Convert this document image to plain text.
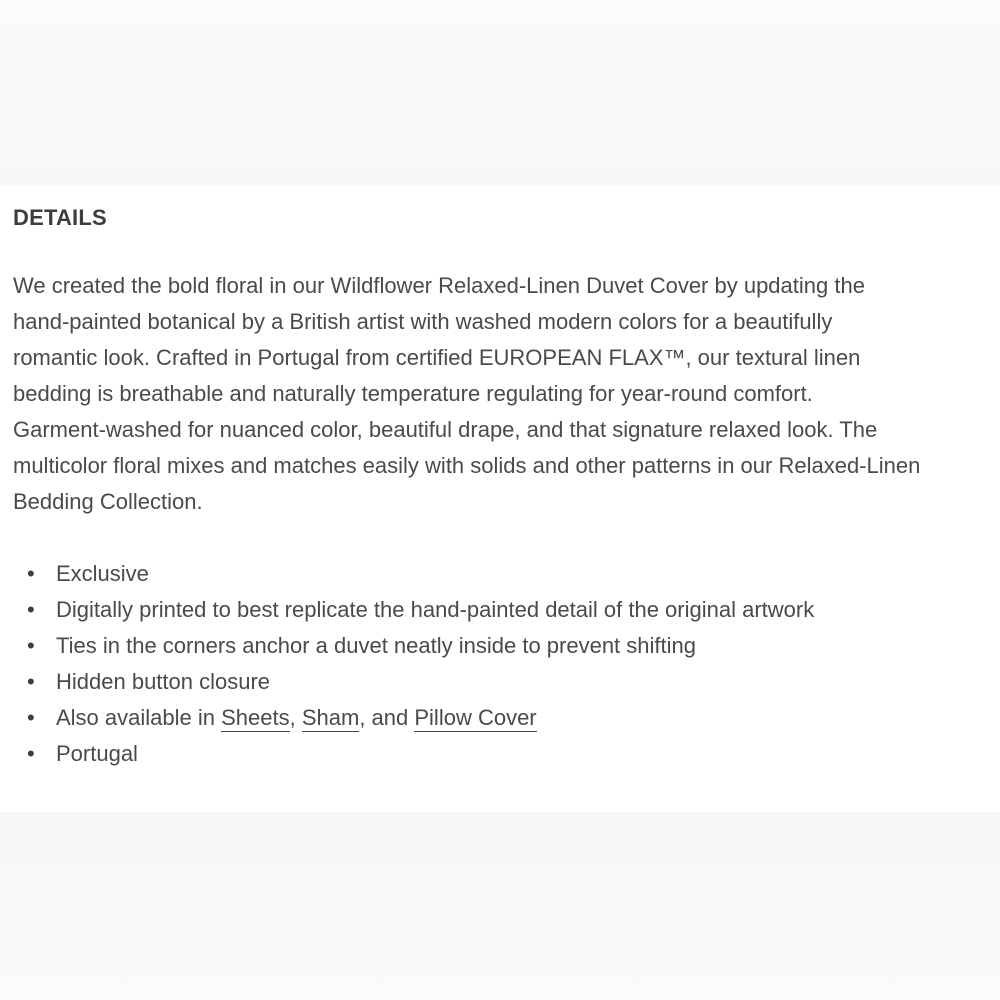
DETAILS

We created the bold floral in our Wildflower Relaxed-Linen Duvet Cover by updating the
hand-painted botanical by a British artist with washed modern colors for a beautifully
romantic look. Crafted in Portugal from certified EUROPEAN FLAX™, our textural linen
bedding is breathable and naturally temperature regulating for year-round comfort.
Garment-washed for nuanced color, beautiful drape, and that signature relaxed look. The
multicolor floral mixes and matches easily with solids and other patterns in our Relaxed-Linen
Bedding Collection.

• Exclusive
• Digitally printed to best replicate the hand-painted detail of the original artwork
• Ties in the corners anchor a duvet neatly inside to prevent shifting
• Hidden button closure
• Also available in Sheets, Sham, and Pillow Cover
• Portugal
